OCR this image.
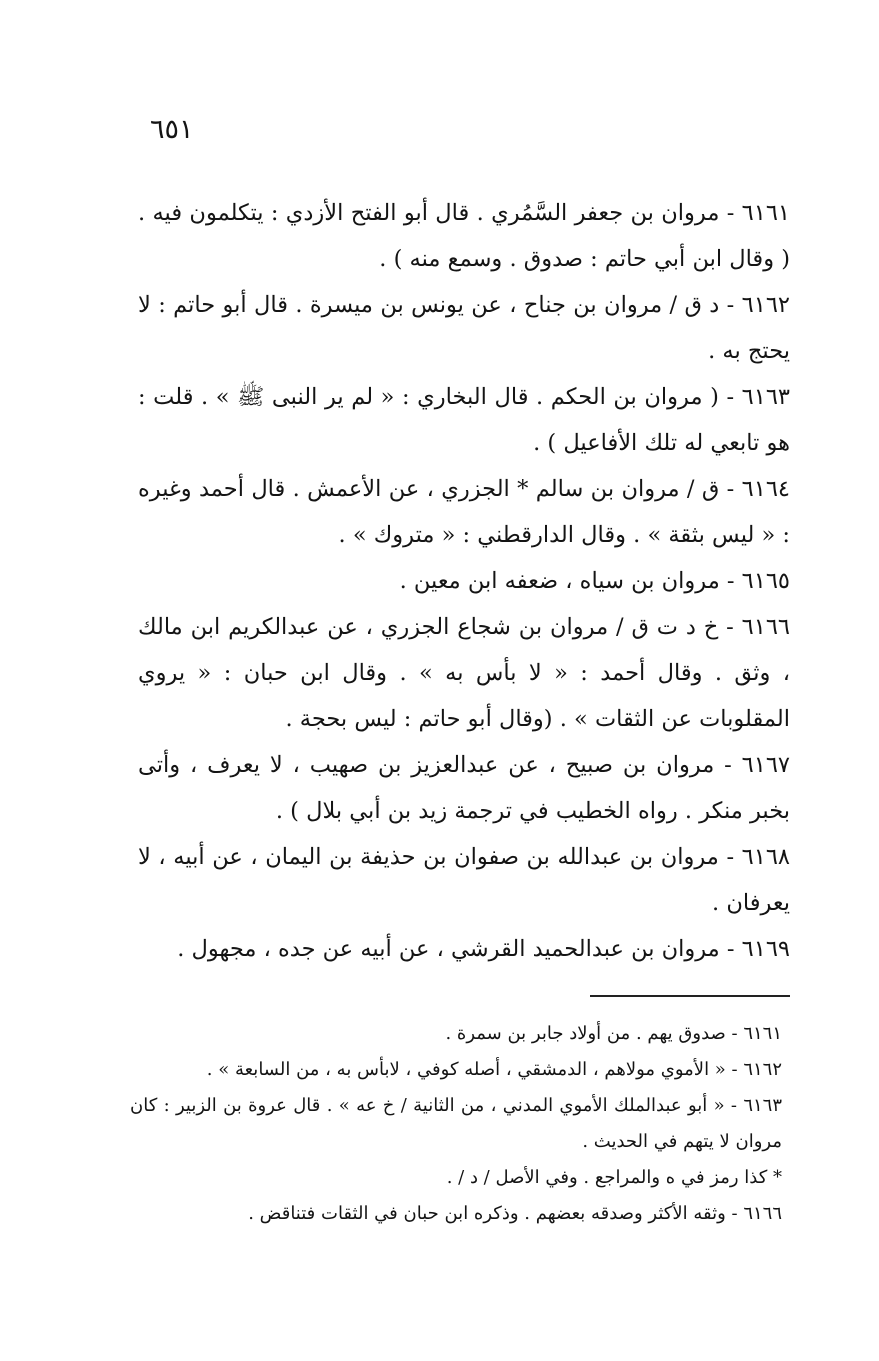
٦٥١

٦١٦١ - مروان بن جعفر السَّمُري . قال أبو الفتح الأزدي : يتكلمون فيه . ( وقال ابن أبي حاتم : صدوق . وسمع منه ) .

٦١٦٢ - د ق / مروان بن جناح ، عن يونس بن ميسرة . قال أبو حاتم : لا يحتج به .

٦١٦٣ - ( مروان بن الحكم . قال البخاري : « لم ير النبى ﷺ » . قلت : هو تابعي له تلك الأفاعيل ) .

٦١٦٤ - ق / مروان بن سالم * الجزري ، عن الأعمش . قال أحمد وغيره : « ليس بثقة » . وقال الدارقطني : « متروك » .

٦١٦٥ - مروان بن سياه ، ضعفه ابن معين .

٦١٦٦ - خ د ت ق / مروان بن شجاع الجزري ، عن عبدالكريم ابن مالك ، وثق . وقال أحمد : « لا بأس به » . وقال ابن حبان : « يروي المقلوبات عن الثقات » . (وقال أبو حاتم : ليس بحجة .

٦١٦٧ - مروان بن صبيح ، عن عبدالعزيز بن صهيب ، لا يعرف ، وأتى بخبر منكر . رواه الخطيب في ترجمة زيد بن أبي بلال ) .

٦١٦٨ - مروان بن عبدالله بن صفوان بن حذيفة بن اليمان ، عن أبيه ، لا يعرفان .

٦١٦٩ - مروان بن عبدالحميد القرشي ، عن أبيه عن جده ، مجهول .

٦١٦١ - صدوق يهم . من أولاد جابر بن سمرة .

٦١٦٢ - « الأموي مولاهم ، الدمشقي ، أصله كوفي ، لابأس به ، من السابعة » .

٦١٦٣ - « أبو عبدالملك الأموي المدني ، من الثانية / خ عه » . قال عروة بن الزبير : كان مروان لا يتهم في الحديث .

* كذا رمز في ه والمراجع . وفي الأصل / د / .

٦١٦٦ - وثقه الأكثر وصدقه بعضهم . وذكره ابن حبان في الثقات فتناقض .
